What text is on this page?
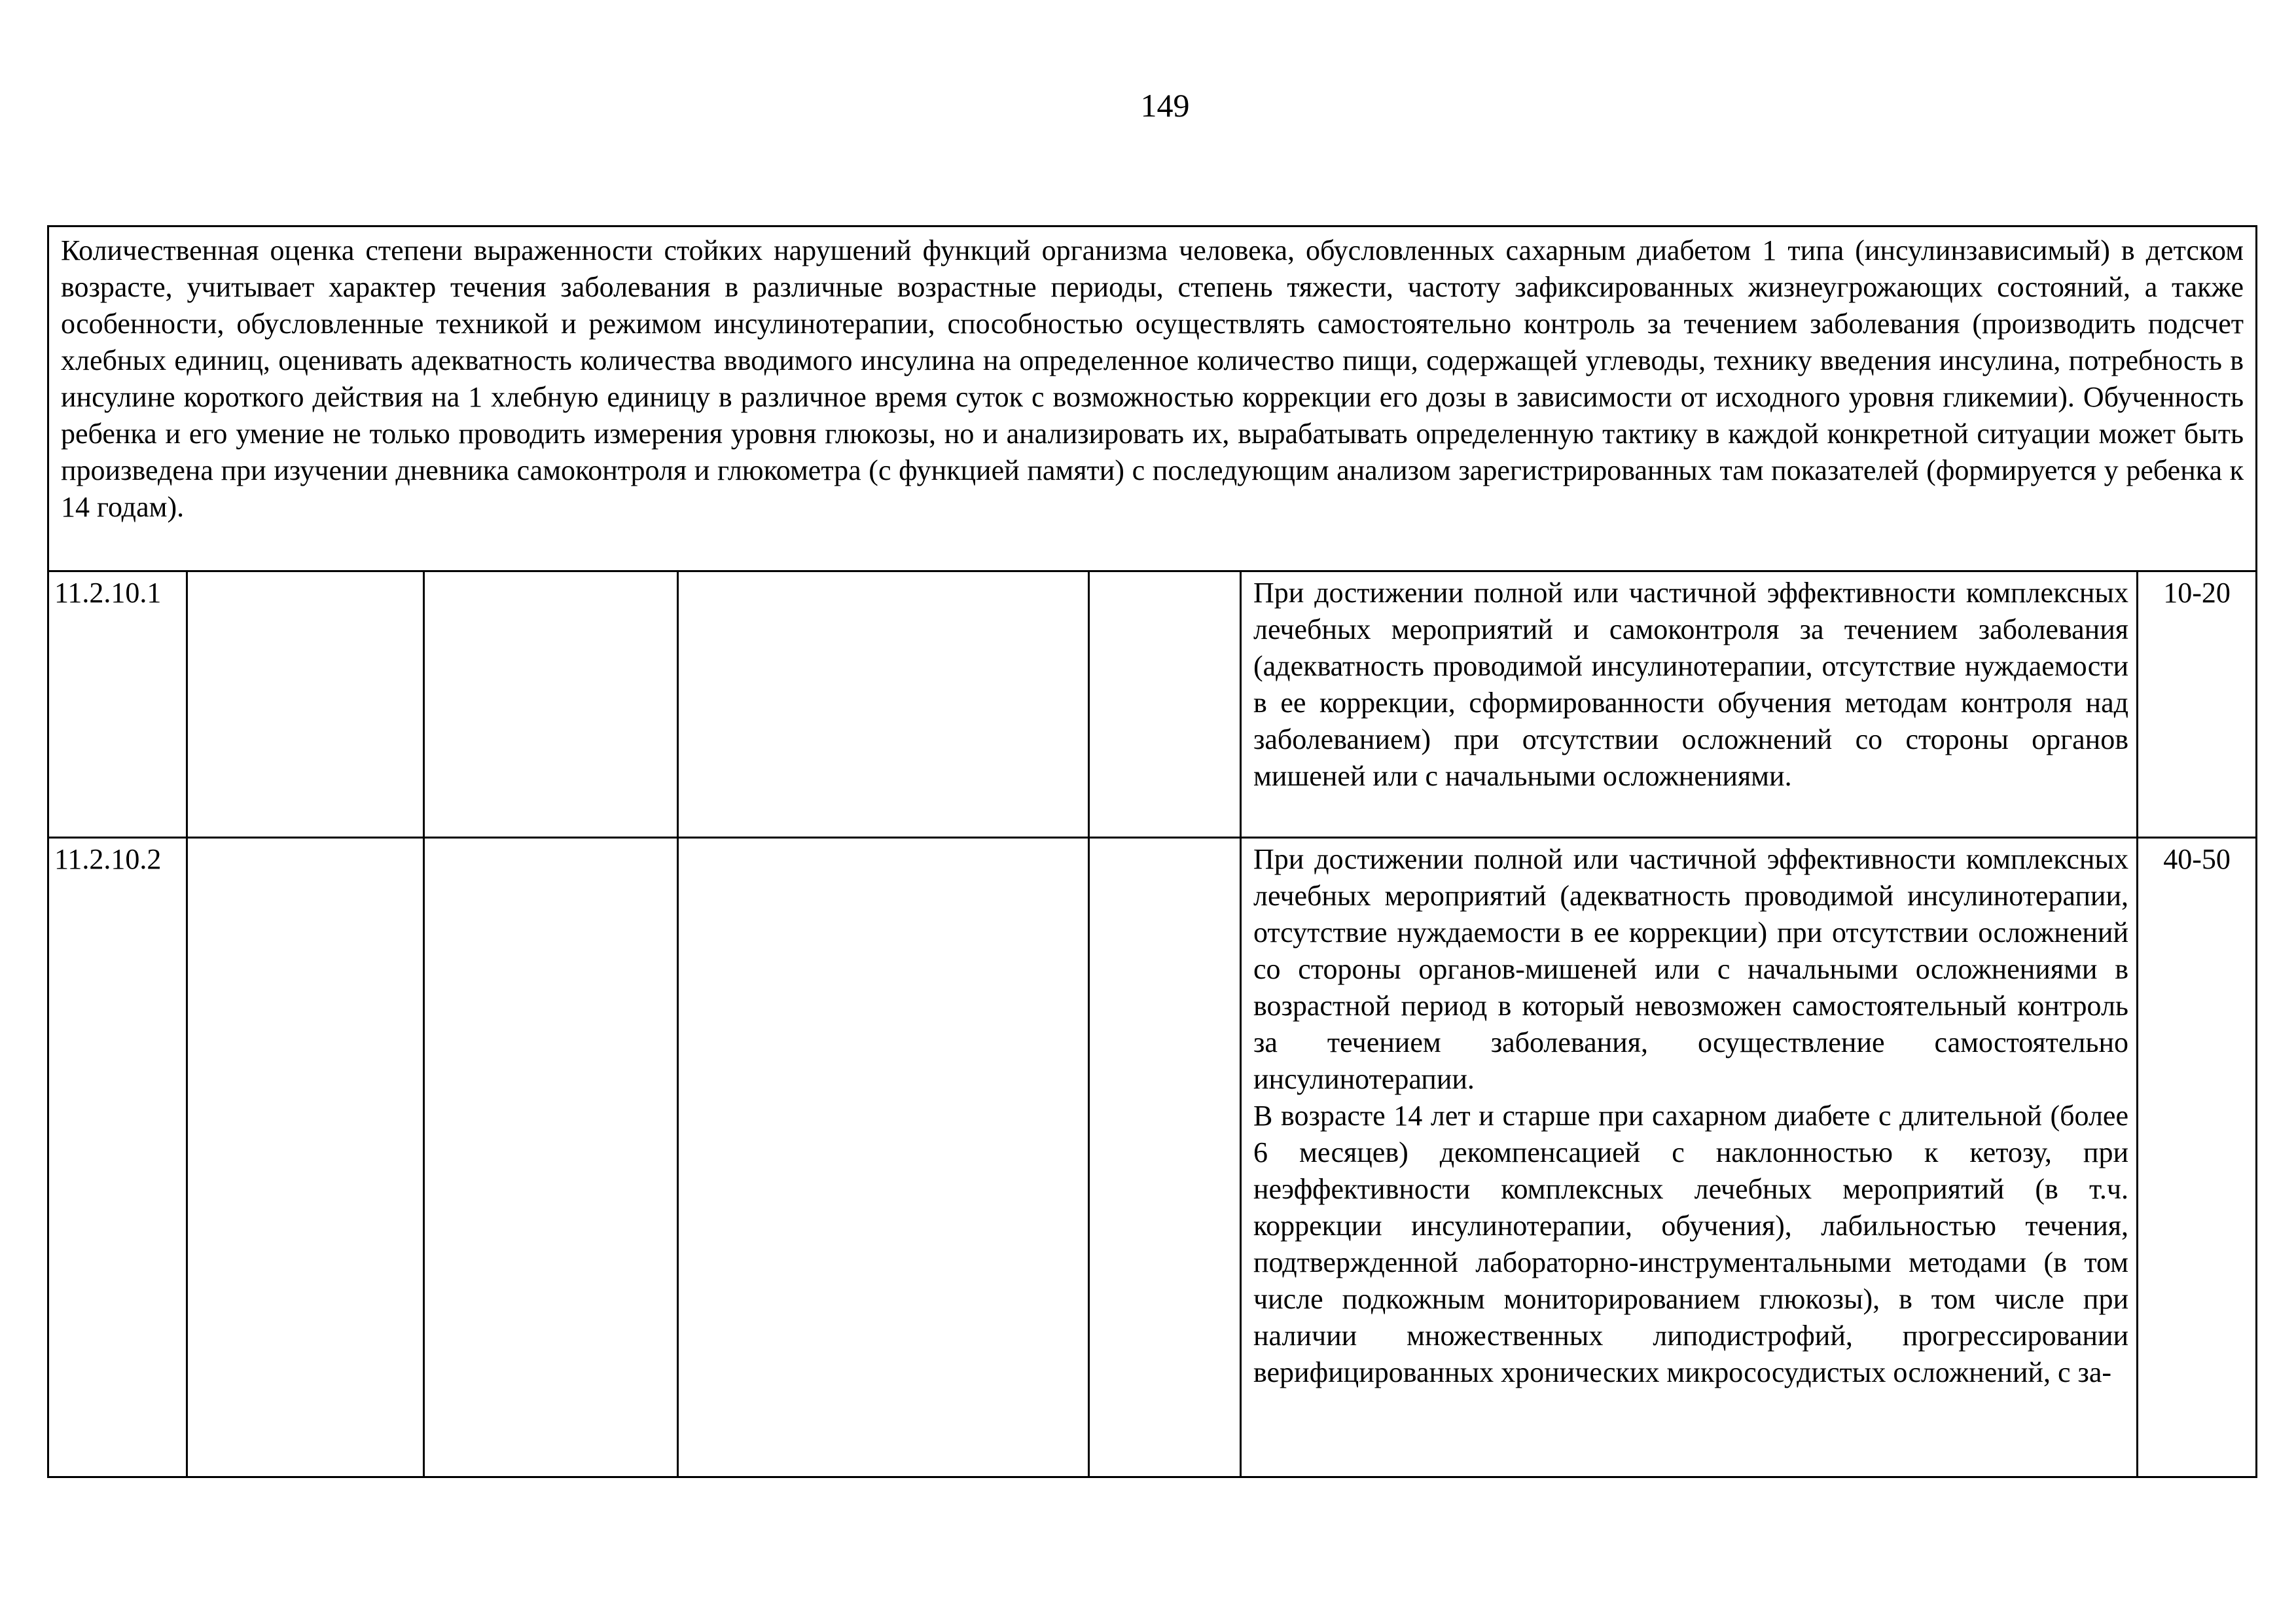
149
Количественная оценка степени выраженности стойких нарушений функций организма человека, обусловленных сахарным диабетом 1 типа (инсулинзависимый) в детском возрасте, учитывает характер течения заболевания в различные возрастные периоды, степень тяжести, частоту зафиксированных жизнеугрожающих состояний, а также особенности, обусловленные техникой и режимом инсулинотерапии, способностью осуществлять самостоятельно контроль за течением заболевания (производить подсчет хлебных единиц, оценивать адекватность количества вводимого инсулина на определенное количество пищи, содержащей углеводы, технику введения инсулина, потребность в инсулине короткого действия на 1 хлебную единицу в различное время суток с возможностью коррекции его дозы в зависимости от исходного уровня гликемии). Обученность ребенка и его умение не только проводить измерения уровня глюкозы, но и анализировать их, вырабатывать определенную тактику в каждой конкретной ситуации может быть произведена при изучении дневника самоконтроля и глюкометра (с функцией памяти) с последующим анализом зарегистрированных там показателей (формируется у ребенка к 14 годам).						
11.2.10.1					При достижении полной или частичной эффективности комплексных лечебных мероприятий и самоконтроля за течением заболевания (адекватность проводимой инсулинотерапии, отсутствие нуждаемости в ее коррекции, сформированности обучения методам контроля над заболеванием) при отсутствии осложнений со стороны органов мишеней или с начальными осложнениями.	10-20
11.2.10.2					При достижении полной или частичной эффективности комплексных лечебных мероприятий (адекватность проводимой инсулинотерапии, отсутствие нуждаемости в ее коррекции) при отсутствии осложнений со стороны органов-мишеней или с начальными осложнениями в возрастной период в который невозможен самостоятельный контроль за течением заболевания, осуществление самостоятельно инсулинотерапии.

В возрасте 14 лет и старше при сахарном диабете с длительной (более 6 месяцев) декомпенсацией с наклонностью к кетозу, при неэффективности комплексных лечебных мероприятий (в т.ч. коррекции инсулинотерапии, обучения), лабильностью течения, подтвержденной лабораторно-инструментальными методами (в том числе подкожным мониторированием глюкозы), в том числе при наличии множественных липодистрофий, прогрессировании верифицированных хронических микрососудистых осложнений, с за-	40-50
